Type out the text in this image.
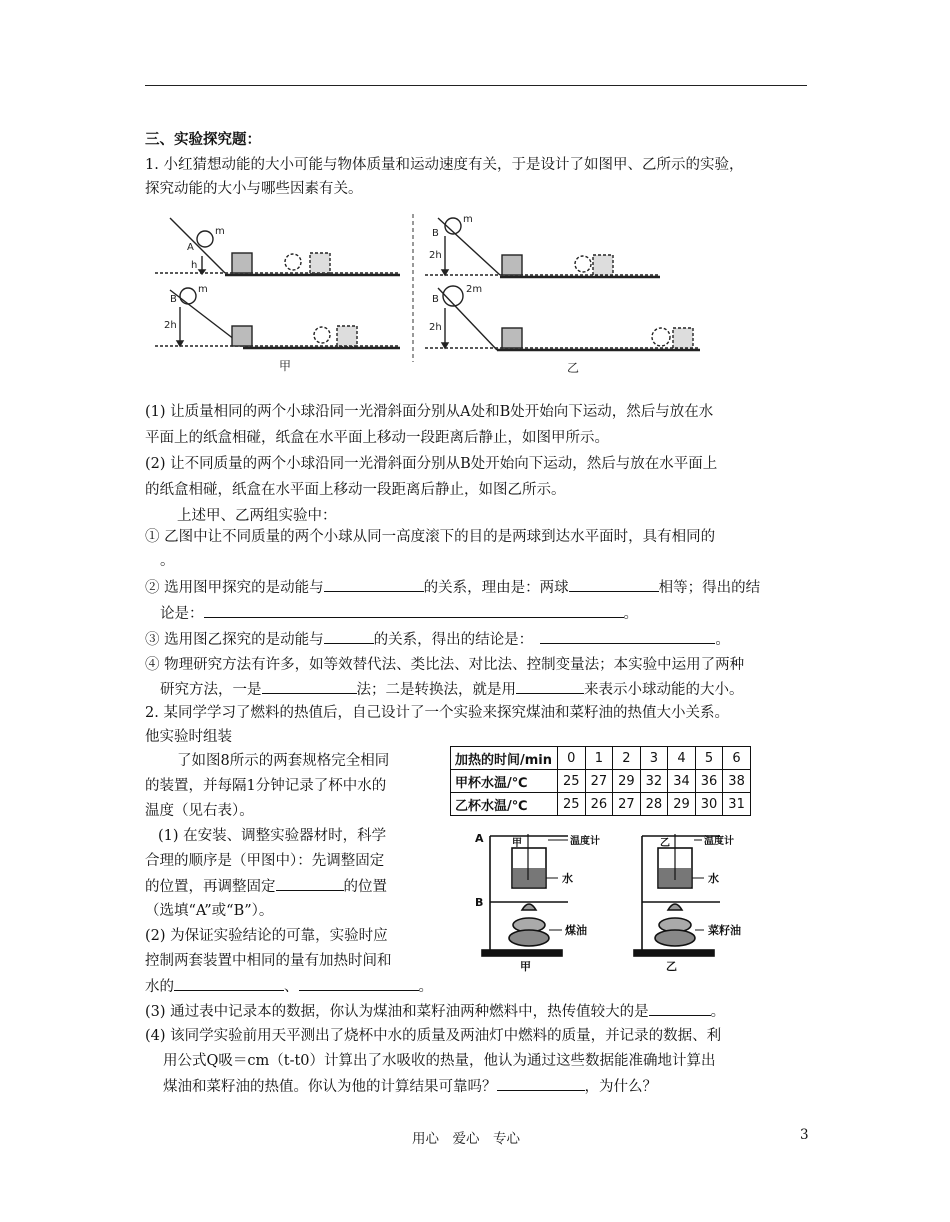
三、实验探究题：
1. 小红猜想动能的大小可能与物体质量和运动速度有关，于是设计了如图甲、乙所示的实验，
探究动能的大小与哪些因素有关。
A
m
h
B
m
2h
B
m
2h
B
2m
2h
甲	乙
(1) 让质量相同的两个小球沿同一光滑斜面分别从A处和B处开始向下运动，然后与放在水
平面上的纸盒相碰，纸盒在水平面上移动一段距离后静止，如图甲所示。
(2) 让不同质量的两个小球沿同一光滑斜面分别从B处开始向下运动，然后与放在水平面上
的纸盒相碰，纸盒在水平面上移动一段距离后静止，如图乙所示。
上述甲、乙两组实验中：
① 乙图中让不同质量的两个小球从同一高度滚下的目的是两球到达水平面时，具有相同的
。
② 选用图甲探究的是动能与	的关系，理由是：两球	相等；得出的结
论是：	。
③ 选用图乙探究的是动能与	的关系，得出的结论是：　	。
④ 物理研究方法有许多，如等效替代法、类比法、对比法、控制变量法；本实验中运用了两种
研究方法，一是	法；二是转换法，就是用	来表示小球动能的大小。
2. 某同学学习了燃料的热值后，自己设计了一个实验来探究煤油和菜籽油的热值大小关系。
他实验时组装
了如图8所示的两套规格完全相同
的装置，并每隔1分钟记录了杯中水的
温度（见右表）。
(1) 在安装、调整实验器材时，科学
合理的顺序是（甲图中）：先调整固定
的位置，再调整固定	的位置
（选填“A”或“B”）。
(2) 为保证实验结论的可靠，实验时应
控制两套装置中相同的量有加热时间和
水的	、	。
(3) 通过表中记录本的数据，你认为煤油和菜籽油两种燃料中，热传值较大的是	。
(4) 该同学实验前用天平测出了烧杯中水的质量及两油灯中燃料的质量，并记录的数据、利
用公式Q吸＝cm（t-t0）计算出了水吸收的热量，他认为通过这些数据能准确地计算出
煤油和菜籽油的热值。你认为他的计算结果可靠吗？	，为什么？
加热的时间/min	0	1	2	3	4	5	6
甲杯水温/℃	25	27	29	32	34	36	38
乙杯水温/℃	25	26	27	28	29	30	31
A
B
甲	温度计
水
煤油
甲
乙	温度计
水
菜籽油
乙
用心　爱心　专心	3
